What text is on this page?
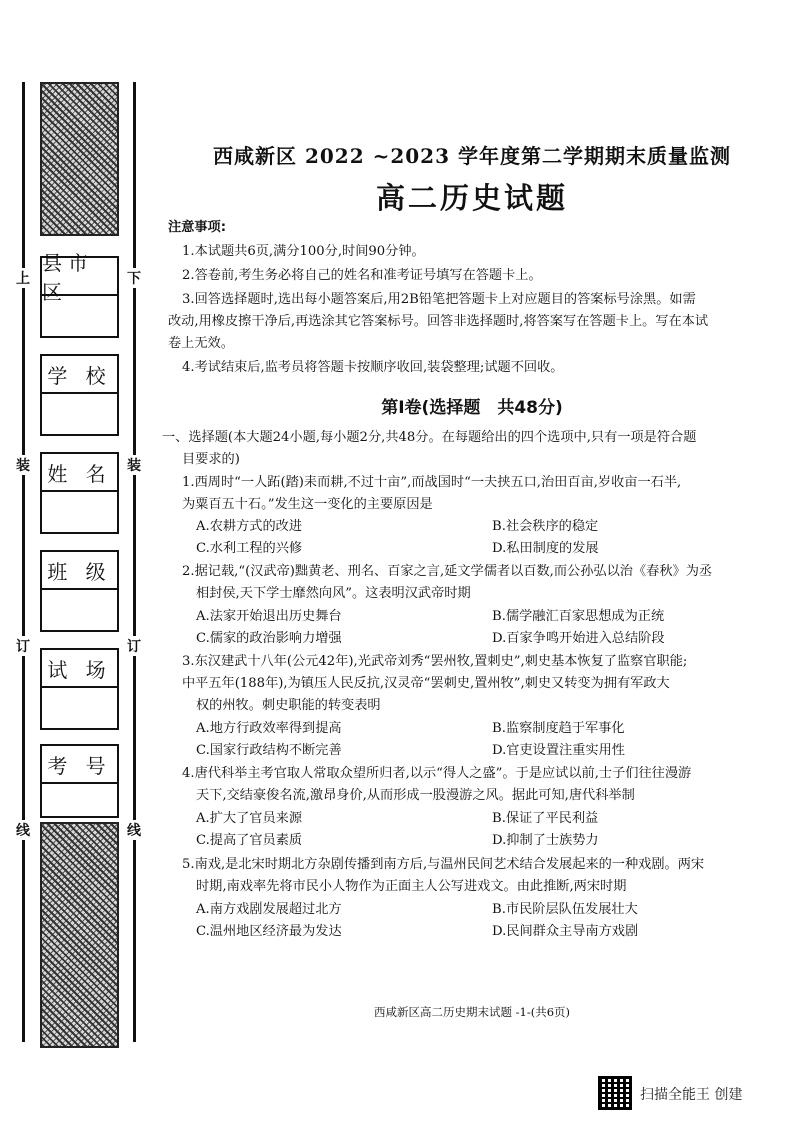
县市区
学 校
姓 名
班 级
试 场
考 号
上
装
订
线
下
装
订
线
西咸新区 2022 ~2023 学年度第二学期期末质量监测
高二历史试题
注意事项:
1.本试题共6页,满分100分,时间90分钟。
2.答卷前,考生务必将自己的姓名和准考证号填写在答题卡上。
3.回答选择题时,选出每小题答案后,用2B铅笔把答题卡上对应题目的答案标号涂黑。如需
改动,用橡皮擦干净后,再选涂其它答案标号。回答非选择题时,将答案写在答题卡上。写在本试
卷上无效。
4.考试结束后,监考员将答题卡按顺序收回,装袋整理;试题不回收。
第Ⅰ卷(选择题　共48分)
一、选择题(本大题24小题,每小题2分,共48分。在每题给出的四个选项中,只有一项是符合题
目要求的)
1.西周时“一人跖(踏)耒而耕,不过十亩”,而战国时“一夫挟五口,治田百亩,岁收亩一石半,
为粟百五十石。”发生这一变化的主要原因是
A.农耕方式的改进	B.社会秩序的稳定
C.水利工程的兴修	D.私田制度的发展
2.据记载,“(汉武帝)黜黄老、刑名、百家之言,延文学儒者以百数,而公孙弘以治《春秋》为丞
相封侯,天下学士靡然向风”。这表明汉武帝时期
A.法家开始退出历史舞台	B.儒学融汇百家思想成为正统
C.儒家的政治影响力增强	D.百家争鸣开始进入总结阶段
3.东汉建武十八年(公元42年),光武帝刘秀“罢州牧,置刺史”,刺史基本恢复了监察官职能;
中平五年(188年),为镇压人民反抗,汉灵帝“罢刺史,置州牧”,刺史又转变为拥有军政大
权的州牧。刺史职能的转变表明
A.地方行政效率得到提高	B.监察制度趋于军事化
C.国家行政结构不断完善	D.官吏设置注重实用性
4.唐代科举主考官取人常取众望所归者,以示“得人之盛”。于是应试以前,士子们往往漫游
天下,交结豪俊名流,激昂身价,从而形成一股漫游之风。据此可知,唐代科举制
A.扩大了官员来源	B.保证了平民利益
C.提高了官员素质	D.抑制了士族势力
5.南戏,是北宋时期北方杂剧传播到南方后,与温州民间艺术结合发展起来的一种戏剧。两宋
时期,南戏率先将市民小人物作为正面主人公写进戏文。由此推断,两宋时期
A.南方戏剧发展超过北方	B.市民阶层队伍发展壮大
C.温州地区经济最为发达	D.民间群众主导南方戏剧
西咸新区高二历史期末试题 -1-(共6页)
扫描全能王 创建
